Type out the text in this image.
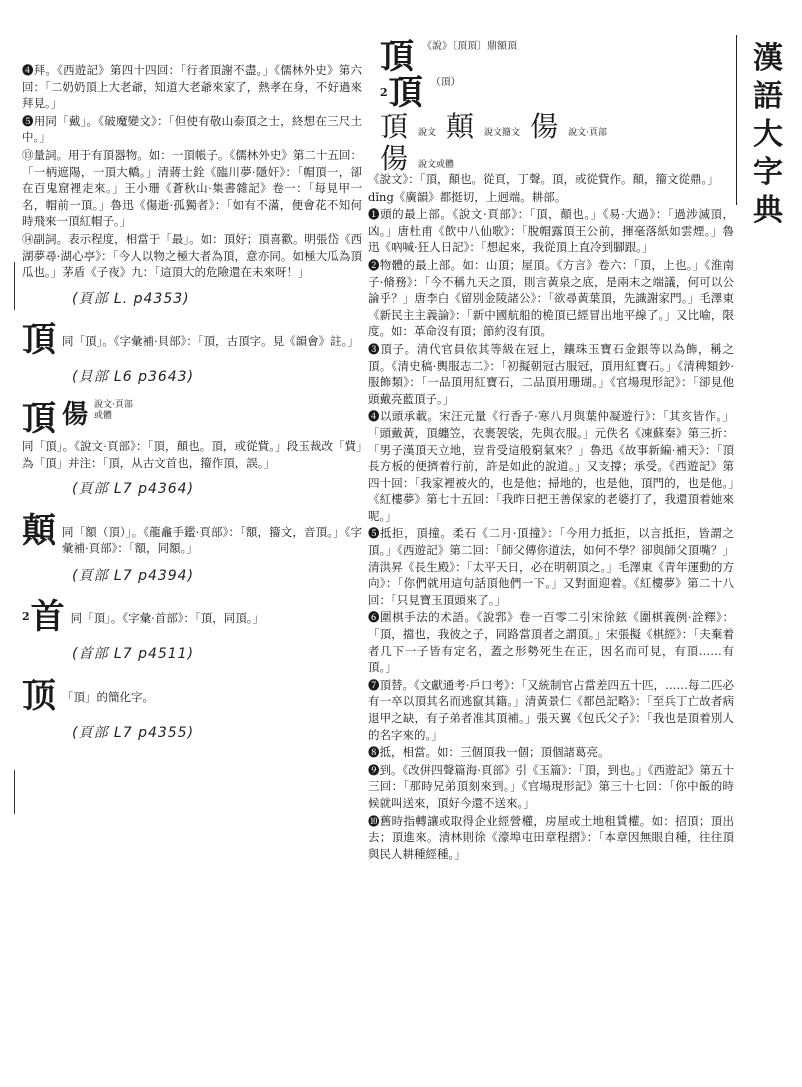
漢
語
大
字
典

❹拜。《西遊記》第四十四回：「行者頂謝不盡。」《儒林外史》第六回：「二奶奶頂上大老爺，知道大老爺來家了，熱孝在身，不好過來拜見。」

❺用同「戴」。《破魔變文》：「但使有敬山泰頂之士，終想在三尺土中。」

⑬量詞。用于有頂器物。如：一頂帳子。《儒林外史》第二十五回：「一柄遮陽，一頂大轎。」清蔣士銓《臨川夢·隱奸》：「帽頂一，卻在百鬼窟裡走來。」王小珊《蒼秋山·集書雜記》卷一：「每見甲一名，帽前一頂。」魯迅《傷逝·孤獨者》：「如有不滿，便會花不知何時飛來一頂紅帽子。」

⑭副詞。表示程度，相當于「最」。如：頂好；頂喜歡。明張岱《西湖夢尋·湖心亭》：「今人以物之極大者為頂，意亦同。如極大瓜為頂瓜也。」茅盾《子夜》九：「這頂大的危險還在未來呀！」

(頁部 L. p4353)
頂 同「頂」。《字彙補·貝部》：「頂，古頂字。見《韻會》註。」

(貝部 L6 p3643)
頂 偒 說文·頁部
或體

同「頂」。《說文·頁部》：「頂，顛也。頂，或從貲。」段玉裁改「貲」為「頂」并注：「頂，从古文首也，籀作頂，誤。」

(頁部 L7 p4364)
顛 同「額（頂）」。《龍龕手鑑·頁部》：「額，籀文，音頂。」《字彙補·頁部》：「額，同額。」

(頁部 L7 p4394)
$^2$首 同「頂」。《字彙·首部》：「頂，同頂。」

(首部 L7 p4511)
顶 「頂」的簡化字。

(頁部 L7 p4355)
頂 《說》〔頂頂〕鼎額頂
$^2$頂 （頂）
頂 說文 顛 說文籀文 偒 說文·頁部
偒 說文或體

《說文》：「頂，顛也。從頁，丁聲。頂，或從貲作。顛，籀文從鼎。」

dǐng《廣韻》都挺切，上迥端。耕部。

❶頭的最上部。《說文·頁部》：「頂，顛也。」《易·大過》：「過涉滅頂，凶。」唐杜甫《飲中八仙歌》：「脫帽露頂王公前，揮毫落紙如雲煙。」魯迅《吶喊·狂人日記》：「想起來，我從頂上直冷到腳跟。」

❷物體的最上部。如：山頂；屋頂。《方言》卷六：「頂，上也。」《淮南子·脩務》：「今不稱九天之頂，則言黃泉之底，是兩末之端議，何可以公論乎？」唐李白《留別金陵諸公》：「欲尋黃葉頂，先識謝家門。」毛澤東《新民主主義論》：「新中國航船的桅頂已經冒出地平線了。」又比喻，限度。如：革命沒有頂；節約沒有頂。

❸頂子。清代官員依其等級在冠上，鑲珠玉寶石金銀等以為飾，稱之頂。《清史稿·輿服志二》：「初擬朝冠古服冠，頂用紅寶石。」《清稗類鈔·服飾類》：「一品頂用紅寶石，二品頂用珊瑚。」《官場現形記》：「卻見他頭戴亮藍頂子。」

❹以頭承載。宋汪元量《行香子·寒八月與葉仲凝遊行》：「其亥皆作。」「頭戴黃，頂纏笠，衣裹袈裟，先與衣服。」元佚名《凍蘇秦》第三折：「男子漢頂天立地，豈肯受這般窮氣來？」魯迅《故事新編·補天》：「頂長方板的便擠着行前，許是如此的說道。」又支撐；承受。《西遊記》第四十回：「我家裡被火的，也是他；掃地的，也是他，頂門的，也是他。」《紅樓夢》第七十五回：「我昨日把王善保家的老婆打了，我還頂着她來呢。」

❺抵拒，頂撞。柔石《二月·頂撞》：「今用力抵拒，以言抵拒，皆謂之頂。」《西遊記》第二回：「師父傳你道法，如何不學？卻與師父頂嘴？」清洪昇《長生殿》：「太平天日，必在明朝頂之。」毛澤東《青年運動的方向》：「你們就用這句話頂他們一下。」又對面迎着。《紅樓夢》第二十八回：「只見寶玉頂頭來了。」

❻圍棋手法的术語。《說郛》卷一百零二引宋徐鉉《圍棋義例·詮釋》：「頂，擋也，我彼之子，同路當頂者之謂頂。」宋張擬《棋經》：「夫棄着者几下一子皆有定名，蓋之形勢死生在正，因名而可見，有頂……有頂。」

❼頂替。《文獻通考·戶口考》：「又統制官占當差四五十匹，……每二匹必有一卒以頂其名而逃竄其籍。」清黃景仁《都邑記略》：「至兵丁亡故者病退甲之缺，有子弟者准其頂補。」張天翼《包氏父子》：「我也是頂着別人的名字來的。」

❽抵，相當。如：三個頂我一個；頂個諸葛亮。

❾到。《改併四聲篇海·頁部》引《玉篇》：「頂，到也。」《西遊記》第五十三回：「那時兄弟頂刻來到。」《官場現形記》第三十七回：「你中飯的時候就叫送來，頂好今還不送來。」

❿舊時指轉讓或取得企业經營權，房屋或土地租賃權。如：招頂；頂出去；頂進來。清林則徐《濠埠屯田章程摺》：「本章因無眼自種，往往頂與民人耕種經種。」
